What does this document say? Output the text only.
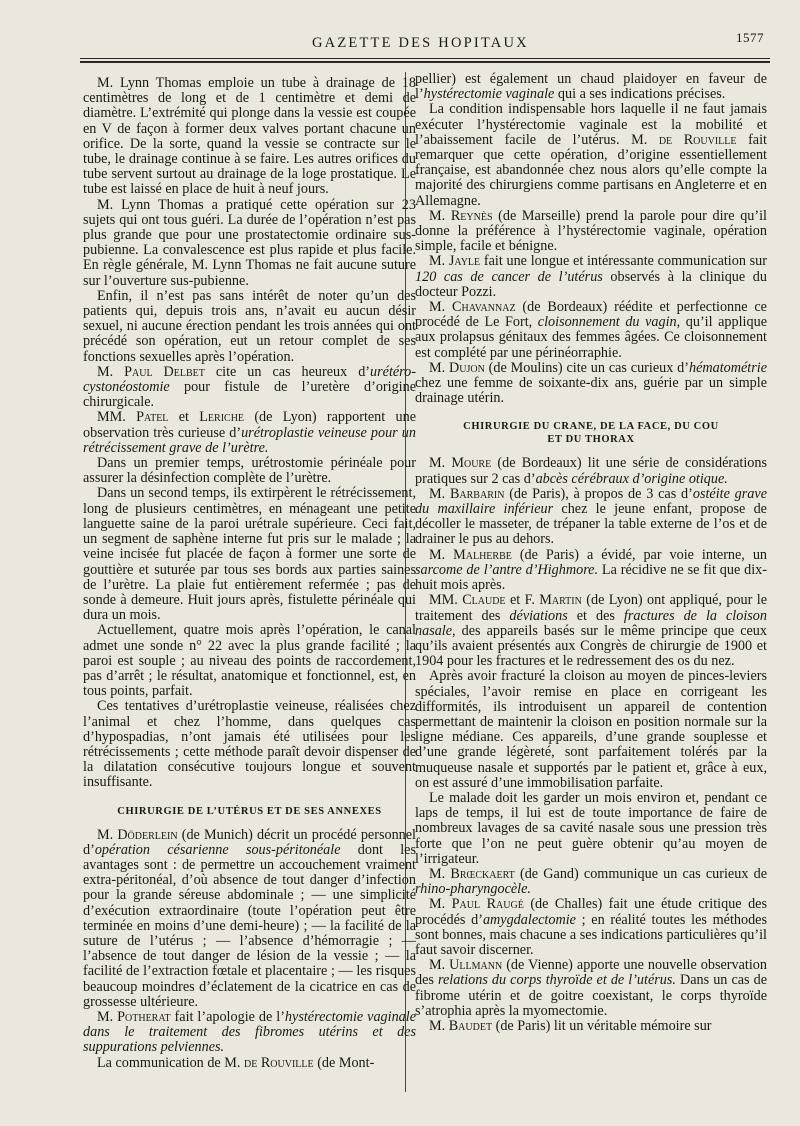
GAZETTE DES HOPITAUX	1577

M. Lynn Thomas emploie un tube à drainage de 18 centimètres de long et de 1 centimètre et demi de diamètre. L’extrémité qui plonge dans la vessie est coupée en V de façon à former deux valves portant chacune un orifice. De la sorte, quand la vessie se contracte sur le tube, le drainage continue à se faire. Les autres orifices du tube servent surtout au drainage de la loge prostatique. Le tube est laissé en place de huit à neuf jours.

M. Lynn Thomas a pratiqué cette opération sur 23 sujets qui ont tous guéri. La durée de l’opération n’est pas plus grande que pour une prostatectomie ordinaire sus-pubienne. La convalescence est plus rapide et plus facile. En règle générale, M. Lynn Thomas ne fait aucune suture sur l’ouverture sus-pubienne.

Enfin, il n’est pas sans intérêt de noter qu’un des patients qui, depuis trois ans, n’avait eu aucun désir sexuel, ni aucune érection pendant les trois années qui ont précédé son opération, eut un retour complet de ses fonctions sexuelles après l’opération.

M. Paul Delbet cite un cas heureux d’urétéro-cystonéostomie pour fistule de l’uretère d’origine chirurgicale.

MM. Patel et Leriche (de Lyon) rapportent une observation très curieuse d’urétroplastie veineuse pour un rétrécissement grave de l’urètre.

Dans un premier temps, urétrostomie périnéale pour assurer la désinfection complète de l’urètre.

Dans un second temps, ils extirpèrent le rétrécissement, long de plusieurs centimètres, en ménageant une petite languette saine de la paroi urétrale supérieure. Ceci fait, un segment de saphène interne fut pris sur le malade ; la veine incisée fut placée de façon à former une sorte de gouttière et suturée par tous ses bords aux parties saines de l’urètre. La plaie fut entièrement refermée ; pas de sonde à demeure. Huit jours après, fistulette périnéale qui dura un mois.

Actuellement, quatre mois après l’opération, le canal admet une sonde n° 22 avec la plus grande facilité ; la paroi est souple ; au niveau des points de raccordement, pas d’arrêt ; le résultat, anatomique et fonctionnel, est, en tous points, parfait.

Ces tentatives d’urétroplastie veineuse, réalisées chez l’animal et chez l’homme, dans quelques cas d’hypospadias, n’ont jamais été utilisées pour les rétrécissements ; cette méthode paraît devoir dispenser de la dilatation consécutive toujours longue et souvent insuffisante.

CHIRURGIE DE L’UTÉRUS ET DE SES ANNEXES

M. Döderlein (de Munich) décrit un procédé personnel d’opération césarienne sous-péritonéale dont les avantages sont : de permettre un accouchement vraiment extra-péritonéal, d’où absence de tout danger d’infection pour la grande séreuse abdominale ; — une simplicité d’exécution extraordinaire (toute l’opération peut être terminée en moins d’une demi-heure) ; — la facilité de la suture de l’utérus ; — l’absence d’hémorragie ; — l’absence de tout danger de lésion de la vessie ; — la facilité de l’extraction fœtale et placentaire ; — les risques beaucoup moindres d’éclatement de la cicatrice en cas de grossesse ultérieure.

M. Potherat fait l’apologie de l’hystérectomie vaginale dans le traitement des fibromes utérins et des suppurations pelviennes.

La communication de M. de Rouville (de Mont-

pellier) est également un chaud plaidoyer en faveur de l’hystérectomie vaginale qui a ses indications précises.

La condition indispensable hors laquelle il ne faut jamais exécuter l’hystérectomie vaginale est la mobilité et l’abaissement facile de l’utérus. M. de Rouville fait remarquer que cette opération, d’origine essentiellement française, est abandonnée chez nous alors qu’elle compte la majorité des chirurgiens comme partisans en Angleterre et en Allemagne.

M. Reynès (de Marseille) prend la parole pour dire qu’il donne la préférence à l’hystérectomie vaginale, opération simple, facile et bénigne.

M. Jayle fait une longue et intéressante communication sur 120 cas de cancer de l’utérus observés à la clinique du docteur Pozzi.

M. Chavannaz (de Bordeaux) réédite et perfectionne ce procédé de Le Fort, cloisonnement du vagin, qu’il applique aux prolapsus génitaux des femmes âgées. Ce cloisonnement est complété par une périnéorraphie.

M. Dujon (de Moulins) cite un cas curieux d’hématométrie chez une femme de soixante-dix ans, guérie par un simple drainage utérin.

CHIRURGIE DU CRANE, DE LA FACE, DU COU
ET DU THORAX

M. Moure (de Bordeaux) lit une série de considérations pratiques sur 2 cas d’abcès cérébraux d’origine otique.

M. Barbarin (de Paris), à propos de 3 cas d’ostéite grave du maxillaire inférieur chez le jeune enfant, propose de décoller le masseter, de trépaner la table externe de l’os et de drainer le pus au dehors.

M. Malherbe (de Paris) a évidé, par voie interne, un sarcome de l’antre d’Highmore. La récidive ne se fit que dix-huit mois après.

MM. Claude et F. Martin (de Lyon) ont appliqué, pour le traitement des déviations et des fractures de la cloison nasale, des appareils basés sur le même principe que ceux qu’ils avaient présentés aux Congrès de chirurgie de 1900 et 1904 pour les fractures et le redressement des os du nez.

Après avoir fracturé la cloison au moyen de pinces-leviers spéciales, l’avoir remise en place en corrigeant les difformités, ils introduisent un appareil de contention permettant de maintenir la cloison en position normale sur la ligne médiane. Ces appareils, d’une grande souplesse et d’une grande légèreté, sont parfaitement tolérés par la muqueuse nasale et supportés par le patient et, grâce à eux, on est assuré d’une immobilisation parfaite.

Le malade doit les garder un mois environ et, pendant ce laps de temps, il lui est de toute importance de faire de nombreux lavages de sa cavité nasale sous une pression très forte que l’on ne peut guère obtenir qu’au moyen de l’irrigateur.

M. Brœckaert (de Gand) communique un cas curieux de rhino-pharyngocèle.

M. Paul Raugé (de Challes) fait une étude critique des procédés d’amygdalectomie ; en réalité toutes les méthodes sont bonnes, mais chacune a ses indications particulières qu’il faut savoir discerner.

M. Ullmann (de Vienne) apporte une nouvelle observation des relations du corps thyroïde et de l’utérus. Dans un cas de fibrome utérin et de goitre coexistant, le corps thyroïde s’atrophia après la myomectomie.

M. Baudet (de Paris) lit un véritable mémoire sur
